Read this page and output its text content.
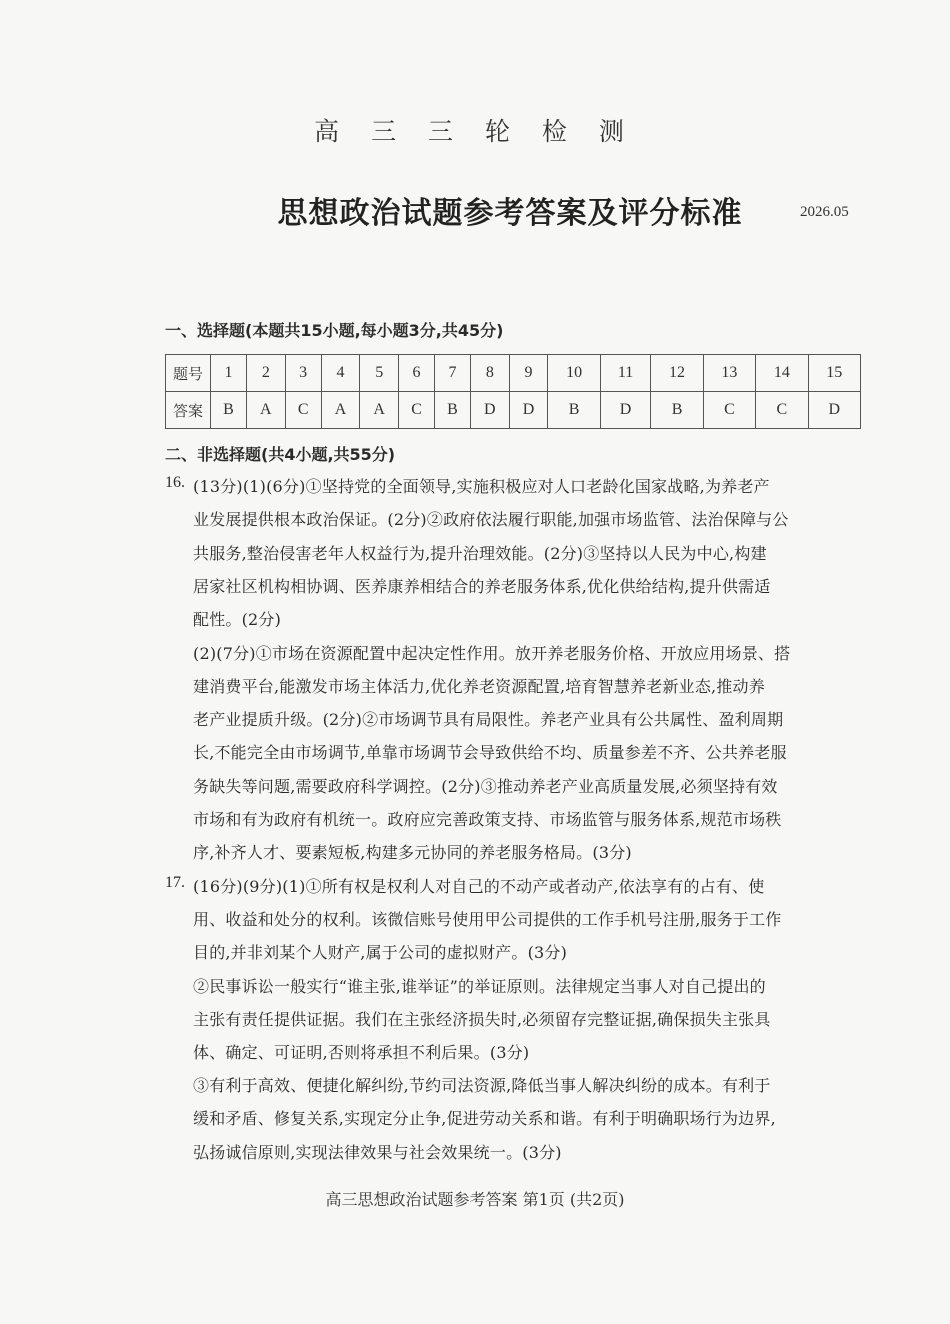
高 三 三 轮 检 测
思想政治试题参考答案及评分标准	2026.05
一、选择题(本题共15小题,每小题3分,共45分)
题号	1	2	3	4	5	6	7	8	9	10	11	12	13	14	15
答案	B	A	C	A	A	C	B	D	D	B	D	B	C	C	D
二、非选择题(共4小题,共55分)
16. (13分)(1)(6分)①坚持党的全面领导,实施积极应对人口老龄化国家战略,为养老产
业发展提供根本政治保证。(2分)②政府依法履行职能,加强市场监管、法治保障与公
共服务,整治侵害老年人权益行为,提升治理效能。(2分)③坚持以人民为中心,构建
居家社区机构相协调、医养康养相结合的养老服务体系,优化供给结构,提升供需适
配性。(2分)
(2)(7分)①市场在资源配置中起决定性作用。放开养老服务价格、开放应用场景、搭
建消费平台,能激发市场主体活力,优化养老资源配置,培育智慧养老新业态,推动养
老产业提质升级。(2分)②市场调节具有局限性。养老产业具有公共属性、盈利周期
长,不能完全由市场调节,单靠市场调节会导致供给不均、质量参差不齐、公共养老服
务缺失等问题,需要政府科学调控。(2分)③推动养老产业高质量发展,必须坚持有效
市场和有为政府有机统一。政府应完善政策支持、市场监管与服务体系,规范市场秩
序,补齐人才、要素短板,构建多元协同的养老服务格局。(3分)
17. (16分)(9分)(1)①所有权是权利人对自己的不动产或者动产,依法享有的占有、使
用、收益和处分的权利。该微信账号使用甲公司提供的工作手机号注册,服务于工作
目的,并非刘某个人财产,属于公司的虚拟财产。(3分)
②民事诉讼一般实行“谁主张,谁举证”的举证原则。法律规定当事人对自己提出的
主张有责任提供证据。我们在主张经济损失时,必须留存完整证据,确保损失主张具
体、确定、可证明,否则将承担不利后果。(3分)
③有利于高效、便捷化解纠纷,节约司法资源,降低当事人解决纠纷的成本。有利于
缓和矛盾、修复关系,实现定分止争,促进劳动关系和谐。有利于明确职场行为边界,
弘扬诚信原则,实现法律效果与社会效果统一。(3分)
高三思想政治试题参考答案 第1页 (共2页)
